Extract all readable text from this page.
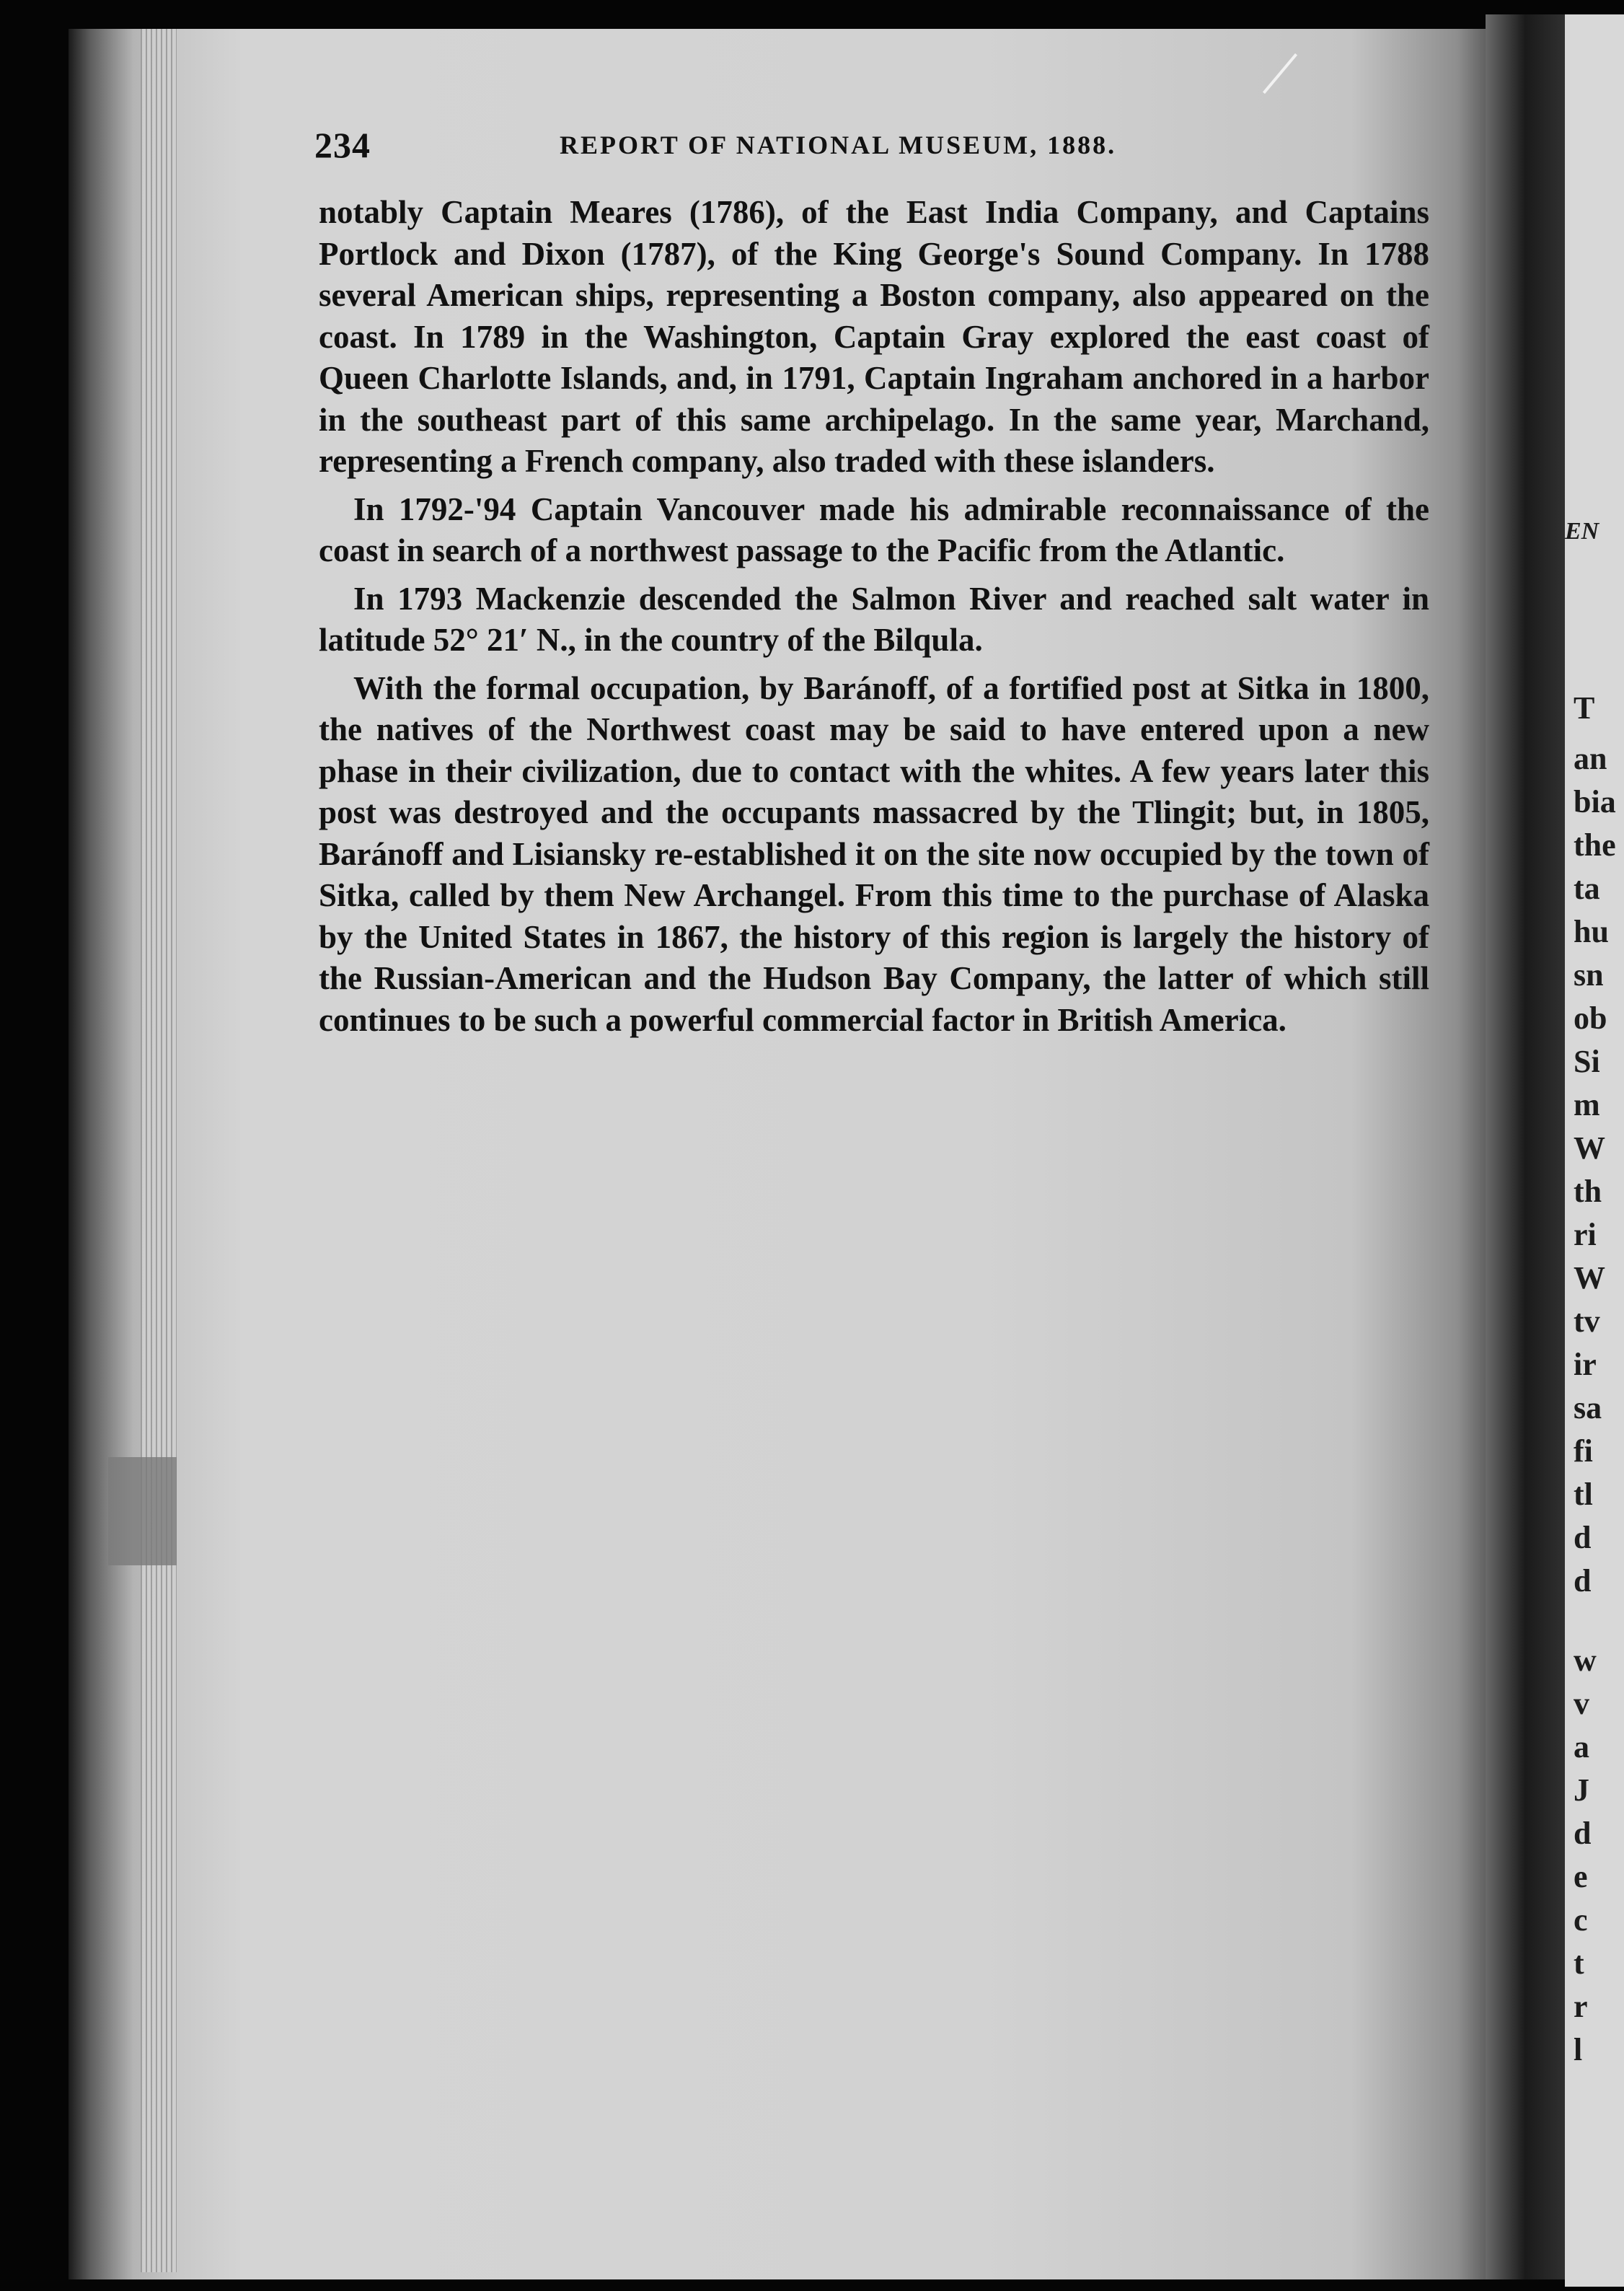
EN
T
an
bia
the
ta
hu
sn
ob
Si
m
W
th
ri
W
tv
ir
sa
fi
tl
d
d
w
v
a
J
d
e
c
t
r
l
234	REPORT OF NATIONAL MUSEUM, 1888.

notably Captain Meares (1786), of the East India Company, and Captains Portlock and Dixon (1787), of the King George's Sound Company. In 1788 several American ships, representing a Boston company, also appeared on the coast. In 1789 in the Washington, Captain Gray explored the east coast of Queen Charlotte Islands, and, in 1791, Captain Ingraham anchored in a harbor in the southeast part of this same archipelago. In the same year, Marchand, representing a French company, also traded with these islanders.

In 1792-'94 Captain Vancouver made his admirable reconnaissance of the coast in search of a northwest passage to the Pacific from the Atlantic.

In 1793 Mackenzie descended the Salmon River and reached salt water in latitude 52° 21′ N., in the country of the Bilqula.

With the formal occupation, by Baránoff, of a fortified post at Sitka in 1800, the natives of the Northwest coast may be said to have entered upon a new phase in their civilization, due to contact with the whites. A few years later this post was destroyed and the occupants massacred by the Tlingit; but, in 1805, Baránoff and Lisiansky re-established it on the site now occupied by the town of Sitka, called by them New Archangel. From this time to the purchase of Alaska by the United States in 1867, the history of this region is largely the history of the Russian-American and the Hudson Bay Company, the latter of which still continues to be such a powerful commercial factor in British America.
